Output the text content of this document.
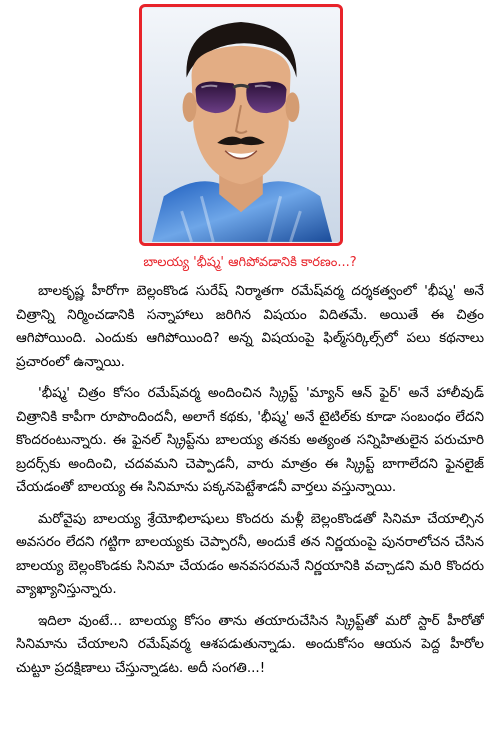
బాలయ్య 'భీష్మ' ఆగిపోవడానికి కారణం...?

బాలకృష్ణ హీరోగా బెల్లంకొండ సురేష్ నిర్మాతగా రమేష్‌వర్మ దర్శకత్వంలో 'భీష్మ' అనే చిత్రాన్ని నిర్మించడానికి సన్నాహాలు జరిగిన విషయం విదితమే. అయితే ఈ చిత్రం ఆగిపోయింది. ఎందుకు ఆగిపోయింది? అన్న విషయంపై ఫిల్మ్‌సర్కిల్స్‌లో పలు కథనాలు ప్రచారంలో ఉన్నాయి.

'భీష్మ' చిత్రం కోసం రమేష్‌వర్మ అందించిన స్క్రిప్ట్ 'మ్యాన్ ఆన్ ఫైర్' అనే హాలీవుడ్ చిత్రానికి కాపీగా రూపొందిందనీ, అలాగే కథకు, 'భీష్మ' అనే టైటిల్‌కు కూడా సంబంధం లేదని కొందరంటున్నారు. ఈ ఫైనల్ స్క్రిప్ట్‌ను బాలయ్య తనకు అత్యంత సన్నిహితులైన పరుచూరి బ్రదర్స్‌కు అందించి, చదవమని చెప్పాడనీ, వారు మాత్రం ఈ స్క్రిప్ట్ బాగాలేదని ఫైనలైజ్ చేయడంతో బాలయ్య ఈ సినిమాను పక్కనపెట్టేశాడనీ వార్తలు వస్తున్నాయి.

మరోవైపు బాలయ్య శ్రేయోభిలాషులు కొందరు మళ్లీ బెల్లంకొండతో సినిమా చేయాల్సిన అవసరం లేదని గట్టిగా బాలయ్యకు చెప్పారనీ, అందుకే తన నిర్ణయంపై పునరాలోచన చేసిన బాలయ్య బెల్లంకొండకు సినిమా చేయడం అనవసరమనే నిర్ణయానికి వచ్చాడని మరి కొందరు వ్యాఖ్యానిస్తున్నారు.

ఇదిలా వుంటే... బాలయ్య కోసం తాను తయారుచేసిన స్క్రిప్ట్‌తో మరో స్టార్ హీరోతో సినిమాను చేయాలని రమేష్‌వర్మ ఆశపడుతున్నాడు. అందుకోసం ఆయన పెద్ద హీరోల చుట్టూ ప్రదక్షిణాలు చేస్తున్నాడట. అదీ సంగతి...!
